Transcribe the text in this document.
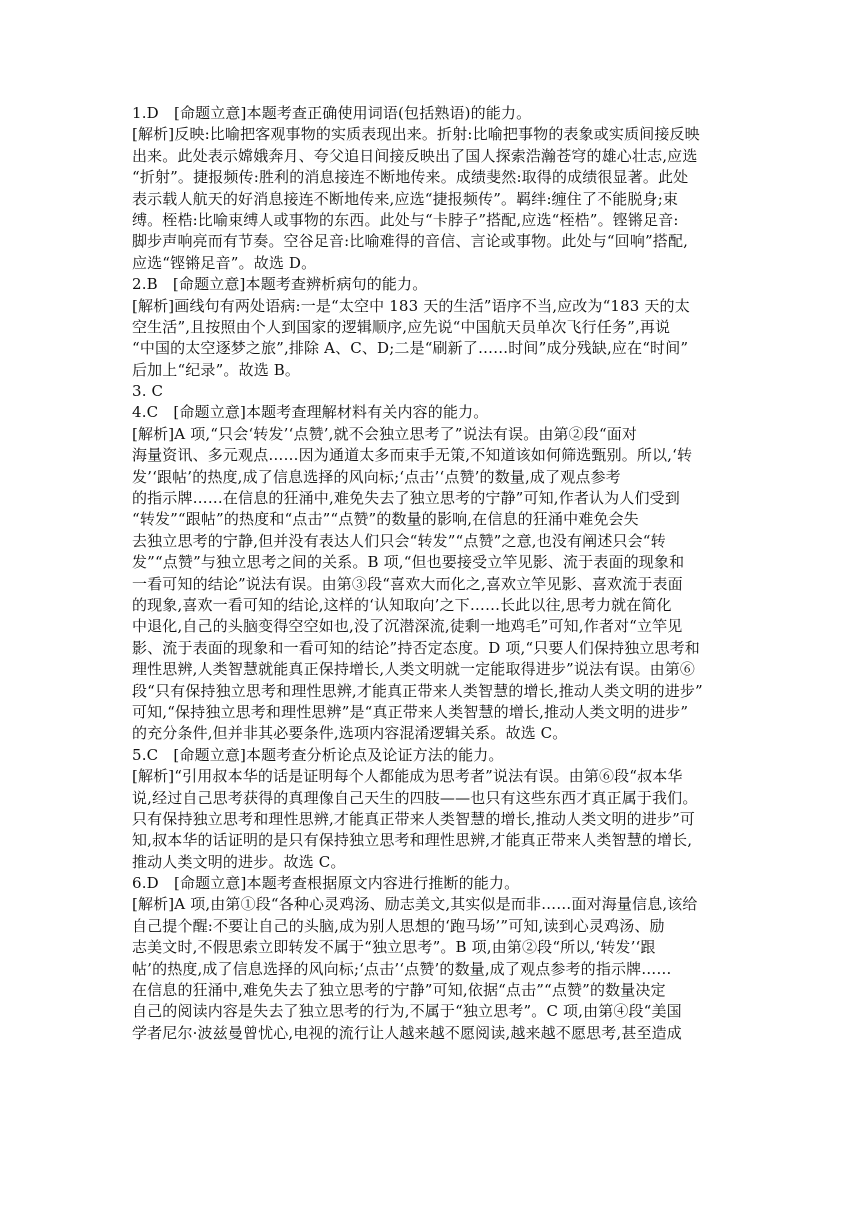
1.D　[命题立意]本题考查正确使用词语(包括熟语)的能力。
[解析]反映:比喻把客观事物的实质表现出来。折射:比喻把事物的表象或实质间接反映
出来。此处表示嫦娥奔月、夸父追日间接反映出了国人探索浩瀚苍穹的雄心壮志,应选
“折射”。捷报频传:胜利的消息接连不断地传来。成绩斐然:取得的成绩很显著。此处
表示载人航天的好消息接连不断地传来,应选“捷报频传”。羁绊:缠住了不能脱身;束
缚。桎梏:比喻束缚人或事物的东西。此处与“卡脖子”搭配,应选“桎梏”。铿锵足音:
脚步声响亮而有节奏。空谷足音:比喻难得的音信、言论或事物。此处与“回响”搭配,
应选“铿锵足音”。故选 D。
2.B　[命题立意]本题考查辨析病句的能力。
[解析]画线句有两处语病:一是“太空中 183 天的生活”语序不当,应改为“183 天的太
空生活”,且按照由个人到国家的逻辑顺序,应先说“中国航天员单次飞行任务”,再说
“中国的太空逐梦之旅”,排除 A、C、D;二是“刷新了……时间”成分残缺,应在“时间”
后加上“纪录”。故选 B。
3. C
4.C　[命题立意]本题考查理解材料有关内容的能力。
[解析]A 项,“只会‘转发’‘点赞’,就不会独立思考了”说法有误。由第②段“面对
海量资讯、多元观点……因为通道太多而束手无策,不知道该如何筛选甄别。所以,‘转
发’‘跟帖’的热度,成了信息选择的风向标;‘点击’‘点赞’的数量,成了观点参考
的指示牌……在信息的狂涌中,难免失去了独立思考的宁静”可知,作者认为人们受到
“转发”“跟帖”的热度和“点击”“点赞”的数量的影响,在信息的狂涌中难免会失
去独立思考的宁静,但并没有表达人们只会“转发”“点赞”之意,也没有阐述只会“转
发”“点赞”与独立思考之间的关系。B 项,“但也要接受立竿见影、流于表面的现象和
一看可知的结论”说法有误。由第③段“喜欢大而化之,喜欢立竿见影、喜欢流于表面
的现象,喜欢一看可知的结论,这样的‘认知取向’之下……长此以往,思考力就在简化
中退化,自己的头脑变得空空如也,没了沉潜深流,徒剩一地鸡毛”可知,作者对“立竿见
影、流于表面的现象和一看可知的结论”持否定态度。D 项,“只要人们保持独立思考和
理性思辨,人类智慧就能真正保持增长,人类文明就一定能取得进步”说法有误。由第⑥
段“只有保持独立思考和理性思辨,才能真正带来人类智慧的增长,推动人类文明的进步”
可知,“保持独立思考和理性思辨”是“真正带来人类智慧的增长,推动人类文明的进步”
的充分条件,但并非其必要条件,选项内容混淆逻辑关系。故选 C。
5.C　[命题立意]本题考查分析论点及论证方法的能力。
[解析]“引用叔本华的话是证明每个人都能成为思考者”说法有误。由第⑥段“叔本华
说,经过自己思考获得的真理像自己天生的四肢——也只有这些东西才真正属于我们。
只有保持独立思考和理性思辨,才能真正带来人类智慧的增长,推动人类文明的进步”可
知,叔本华的话证明的是只有保持独立思考和理性思辨,才能真正带来人类智慧的增长,
推动人类文明的进步。故选 C。
6.D　[命题立意]本题考查根据原文内容进行推断的能力。
[解析]A 项,由第①段“各种心灵鸡汤、励志美文,其实似是而非……面对海量信息,该给
自己提个醒:不要让自己的头脑,成为别人思想的‘跑马场’”可知,读到心灵鸡汤、励
志美文时,不假思索立即转发不属于“独立思考”。B 项,由第②段“所以,‘转发’‘跟
帖’的热度,成了信息选择的风向标;‘点击’‘点赞’的数量,成了观点参考的指示牌……
在信息的狂涌中,难免失去了独立思考的宁静”可知,依据“点击”“点赞”的数量决定
自己的阅读内容是失去了独立思考的行为,不属于“独立思考”。C 项,由第④段“美国
学者尼尔·波兹曼曾忧心,电视的流行让人越来越不愿阅读,越来越不愿思考,甚至造成
